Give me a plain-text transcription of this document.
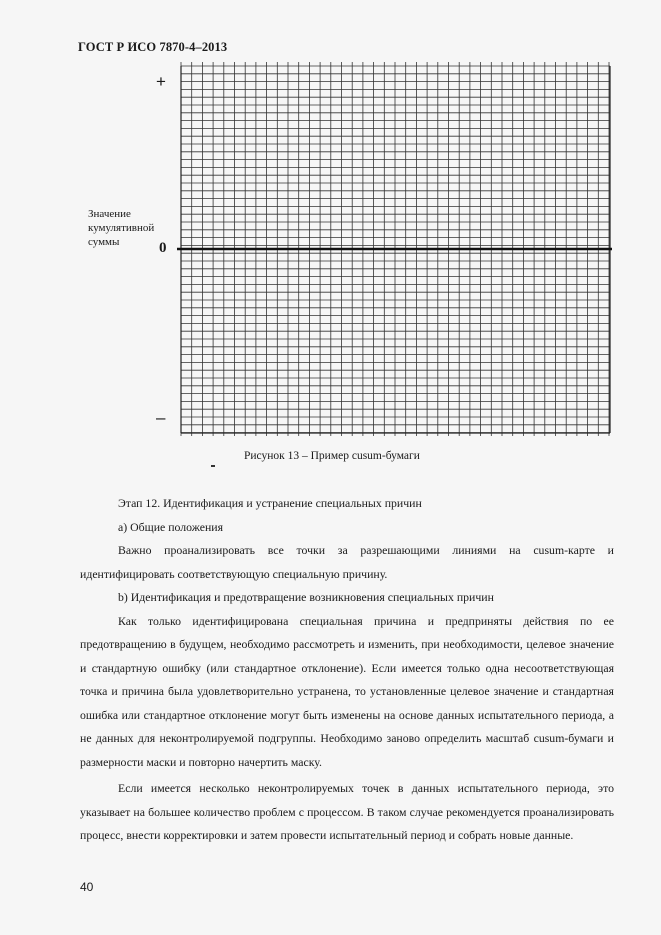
ГОСТ Р ИСО 7870-4–2013
+
0
–
Значение
кумулятивной
суммы
Рисунок 13 – Пример cusum-бумаги

Этап 12. Идентификация и устранение специальных причин

a) Общие положения

Важно проанализировать все точки за разрешающими линиями на cusum-карте и идентифицировать соответствующую специальную причину.

b) Идентификация и предотвращение возникновения специальных причин

Как только идентифицирована специальная причина и предприняты действия по ее предотвращению в будущем, необходимо рассмотреть и изменить, при необходимости, целевое значение и стандартную ошибку (или стандартное отклонение). Если имеется только одна несоответствующая точка и причина была удовлетворительно устранена, то установленные целевое значение и стандартная ошибка или стандартное отклонение могут быть изменены на основе данных испытательного периода, а не данных для неконтролируемой подгруппы. Необходимо заново определить масштаб cusum-бумаги и размерности маски и повторно начертить маску.

Если имеется несколько неконтролируемых точек в данных испытательного периода, это указывает на большее количество проблем с процессом. В таком случае рекомендуется проанализировать процесс, внести корректировки и затем провести испытательный период и собрать новые данные.

40
